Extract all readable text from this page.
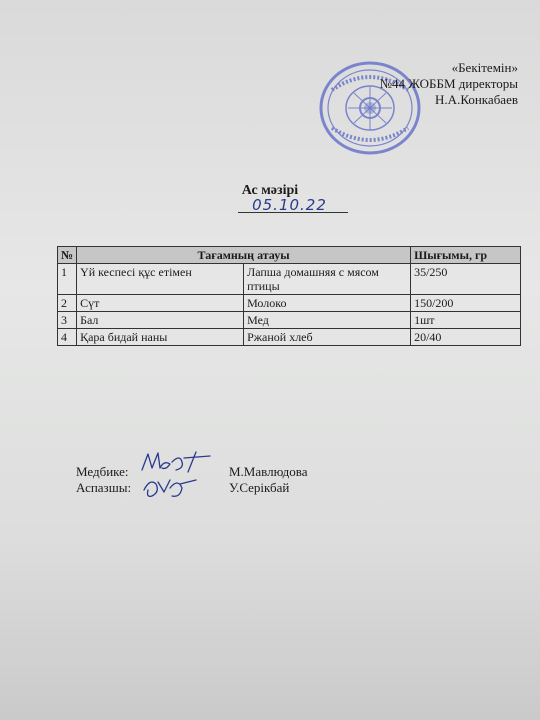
«Бекітемін»
№44 ЖОББМ директоры
Н.А.Конкабаев
Ас мәзірі
05.10.22
№	Тағамның атауы		Шығымы, гр
1	Үй кеспесі құс етімен	Лапша домашняя с мясом птицы	35/250
2	Сүт	Молоко	150/200
3	Бал	Мед	1шт
4	Қара бидай наны	Ржаной хлеб	20/40
Медбике:	М.Мавлюдова
Аспазшы:	У.Серікбай
